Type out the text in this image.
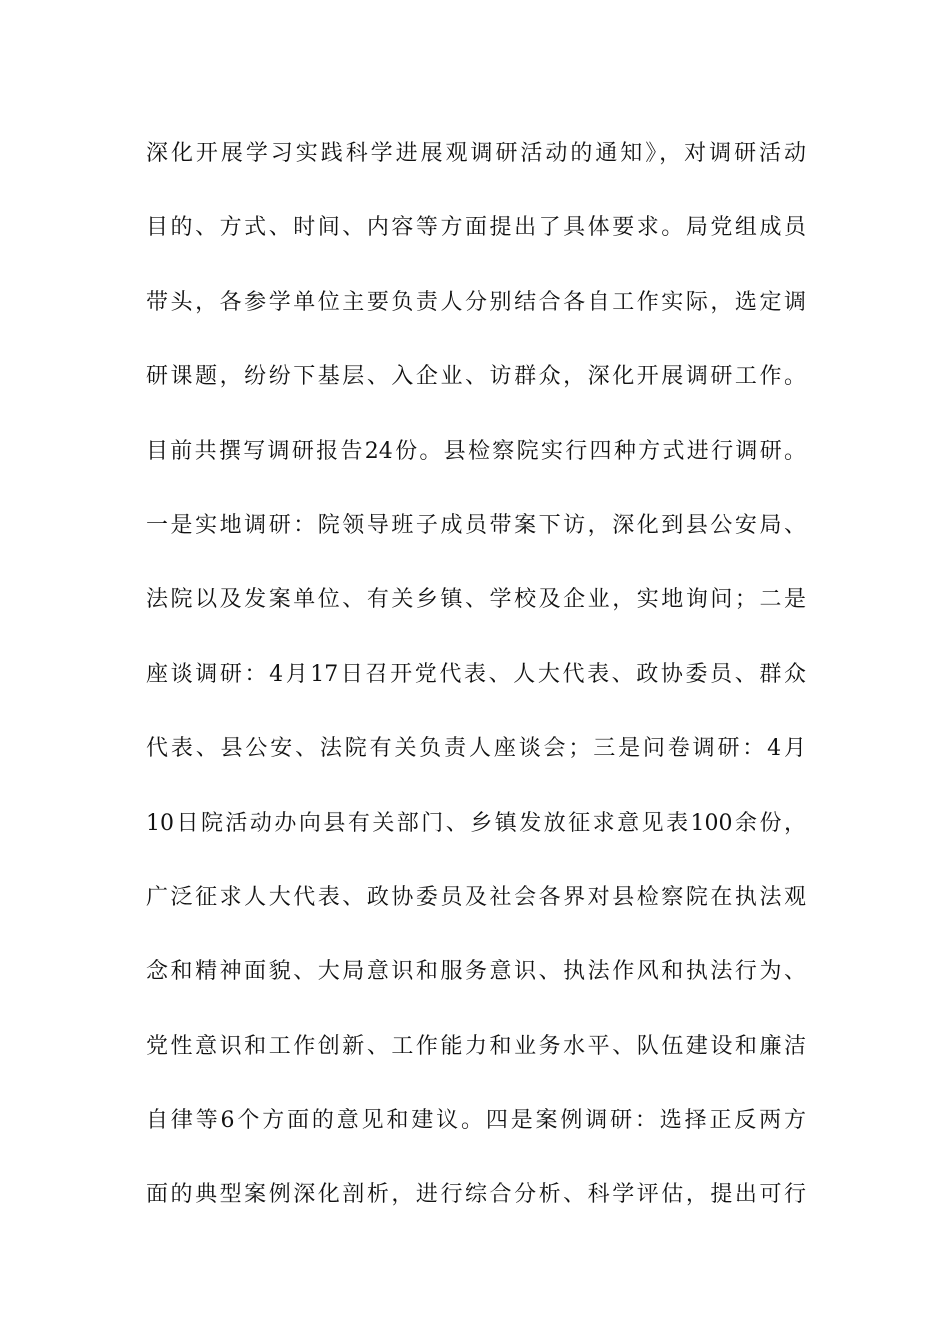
深化开展学习实践科学进展观调研活动的通知》，对调研活动
目的、方式、时间、内容等方面提出了具体要求。局党组成员
带头，各参学单位主要负责人分别结合各自工作实际，选定调
研课题，纷纷下基层、入企业、访群众，深化开展调研工作。
目前共撰写调研报告24份。县检察院实行四种方式进行调研。
一是实地调研：院领导班子成员带案下访，深化到县公安局、
法院以及发案单位、有关乡镇、学校及企业，实地询问；二是
座谈调研：4月17日召开党代表、人大代表、政协委员、群众
代表、县公安、法院有关负责人座谈会；三是问卷调研：4月
10日院活动办向县有关部门、乡镇发放征求意见表100余份，
广泛征求人大代表、政协委员及社会各界对县检察院在执法观
念和精神面貌、大局意识和服务意识、执法作风和执法行为、
党性意识和工作创新、工作能力和业务水平、队伍建设和廉洁
自律等6个方面的意见和建议。四是案例调研：选择正反两方
面的典型案例深化剖析，进行综合分析、科学评估，提出可行
